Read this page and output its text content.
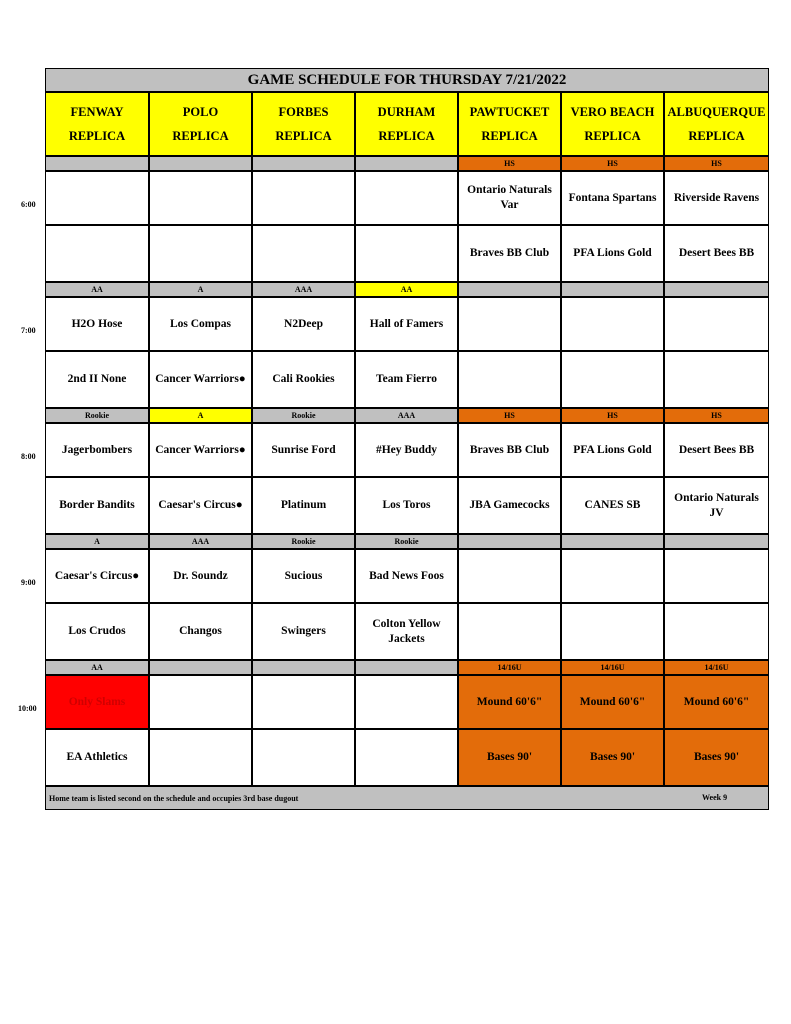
GAME SCHEDULE FOR THURSDAY 7/21/2022
FENWAY
REPLICA
POLO
REPLICA
FORBES
REPLICA
DURHAM
REPLICA
PAWTUCKET
REPLICA
VERO BEACH
REPLICA
ALBUQUERQUE
REPLICA
HS
Ontario Naturals Var
Braves BB Club
HS
Fontana Spartans
PFA Lions Gold
HS
Riverside Ravens
Desert Bees BB
AA
H2O Hose
2nd II None
A
Los Compas
Cancer Warriors●
AAA
N2Deep
Cali Rookies
AA
Hall of Famers
Team Fierro
Rookie
Jagerbombers
Border Bandits
A
Cancer Warriors●
Caesar's Circus●
Rookie
Sunrise Ford
Platinum
AAA
#Hey Buddy
Los Toros
HS
Braves BB Club
JBA Gamecocks
HS
PFA Lions Gold
CANES SB
HS
Desert Bees BB
Ontario Naturals JV
A
Caesar's Circus●
Los Crudos
AAA
Dr. Soundz
Changos
Rookie
Sucious
Swingers
Rookie
Bad News Foos
Colton Yellow Jackets
AA
Only Slams
EA Athletics
14/16U
Mound 60'6"
Bases 90'
14/16U
Mound 60'6"
Bases 90'
14/16U
Mound 60'6"
Bases 90'
Home team is listed second on the schedule and occupies 3rd base dugout	Week 9
6:00
7:00
8:00
9:00
10:00
